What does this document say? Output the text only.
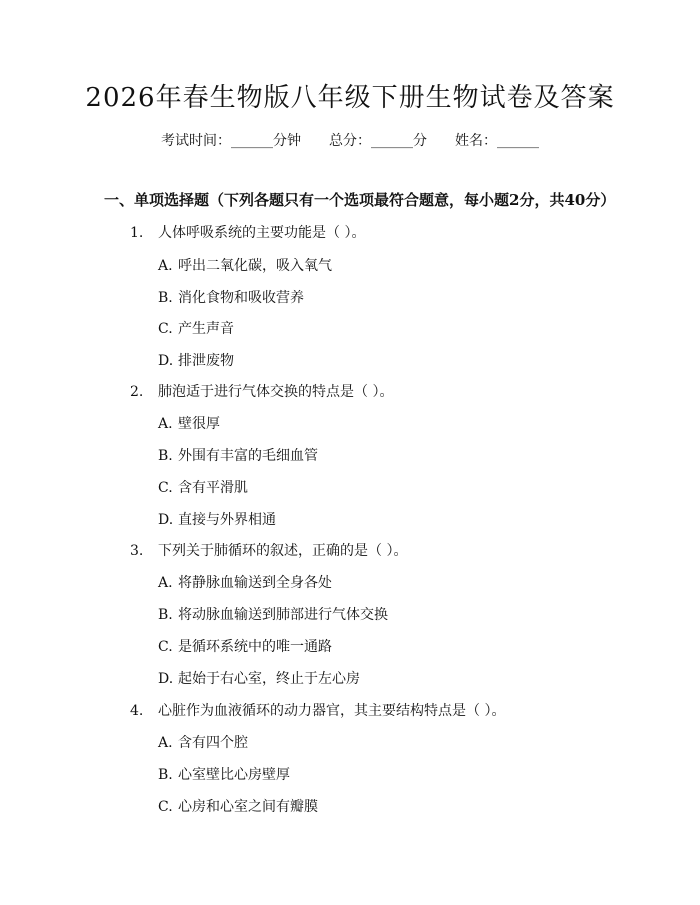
2026年春生物版八年级下册生物试卷及答案
考试时间：______分钟 总分：______分 姓名：______
一、单项选择题（下列各题只有一个选项最符合题意，每小题2分，共40分）
1. 人体呼吸系统的主要功能是（ ）。
A. 呼出二氧化碳，吸入氧气
B. 消化食物和吸收营养
C. 产生声音
D. 排泄废物
2. 肺泡适于进行气体交换的特点是（ ）。
A. 壁很厚
B. 外围有丰富的毛细血管
C. 含有平滑肌
D. 直接与外界相通
3. 下列关于肺循环的叙述，正确的是（ ）。
A. 将静脉血输送到全身各处
B. 将动脉血输送到肺部进行气体交换
C. 是循环系统中的唯一通路
D. 起始于右心室，终止于左心房
4. 心脏作为血液循环的动力器官，其主要结构特点是（ ）。
A. 含有四个腔
B. 心室壁比心房壁厚
C. 心房和心室之间有瓣膜
